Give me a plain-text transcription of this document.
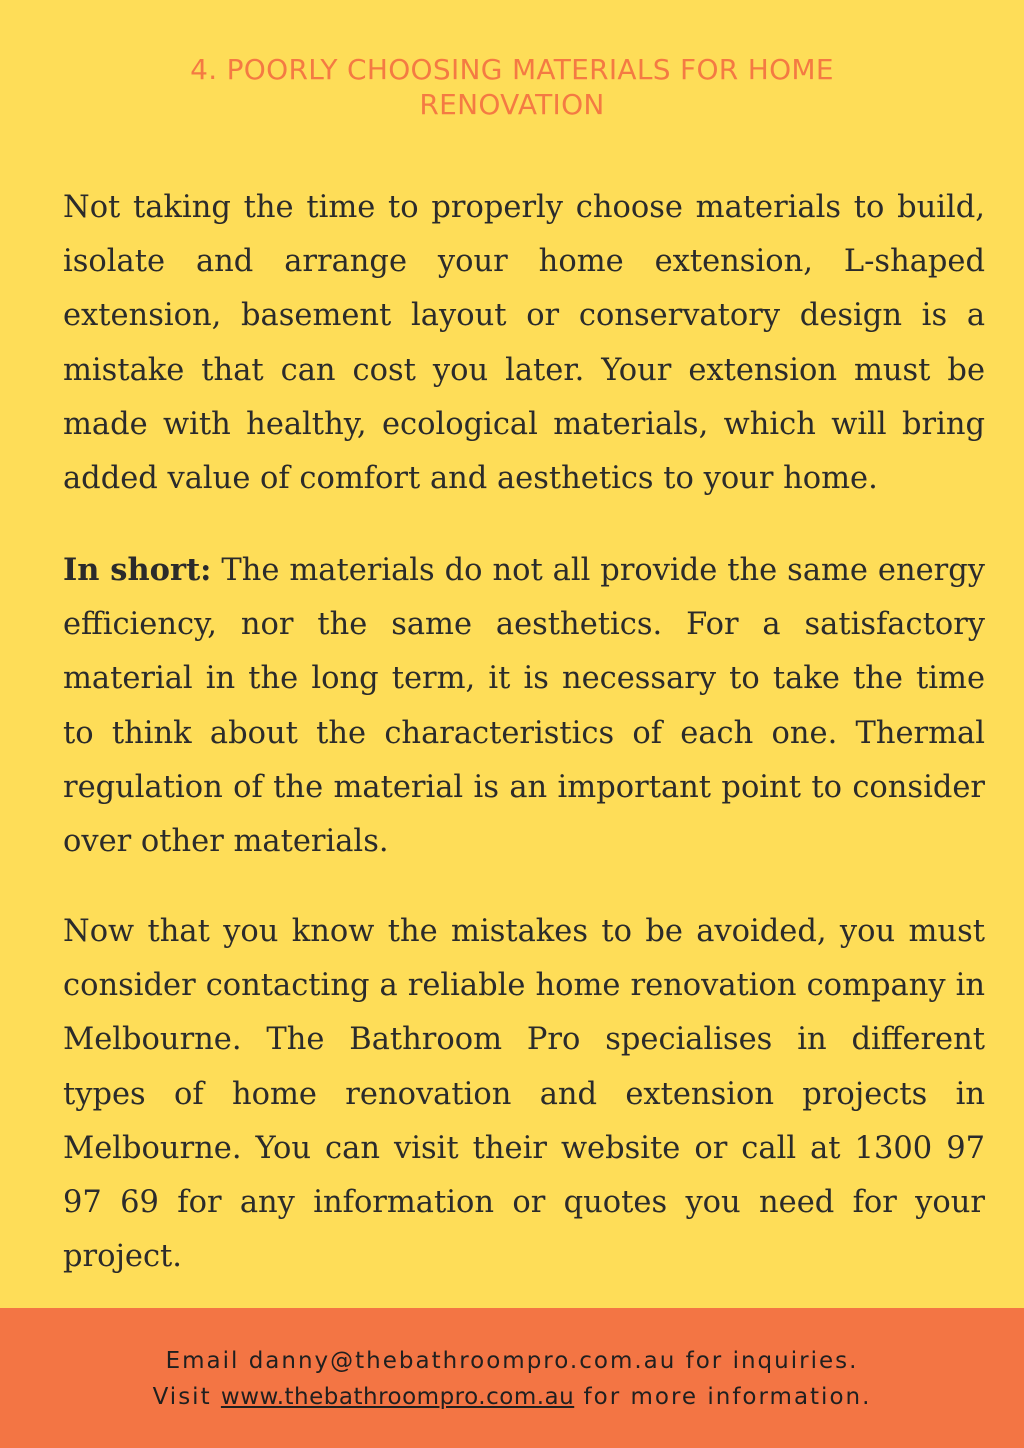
4. POORLY CHOOSING MATERIALS FOR HOME RENOVATION

Not taking the time to properly choose materials to build, isolate and arrange your home extension, L-shaped extension, basement layout or conservatory design is a mistake that can cost you later. Your extension must be made with healthy, ecological materials, which will bring added value of comfort and aesthetics to your home.

In short: The materials do not all provide the same energy efficiency, nor the same aesthetics. For a satisfactory material in the long term, it is necessary to take the time to think about the characteristics of each one. Thermal regulation of the material is an important point to consider over other materials.

Now that you know the mistakes to be avoided, you must consider contacting a reliable home renovation company in Melbourne. The Bathroom Pro specialises in different types of home renovation and extension projects in Melbourne. You can visit their website or call at 1300 97 97 69 for any information or quotes you need for your project.

Email danny@thebathroompro.com.au for inquiries.
Visit www.thebathroompro.com.au for more information.
